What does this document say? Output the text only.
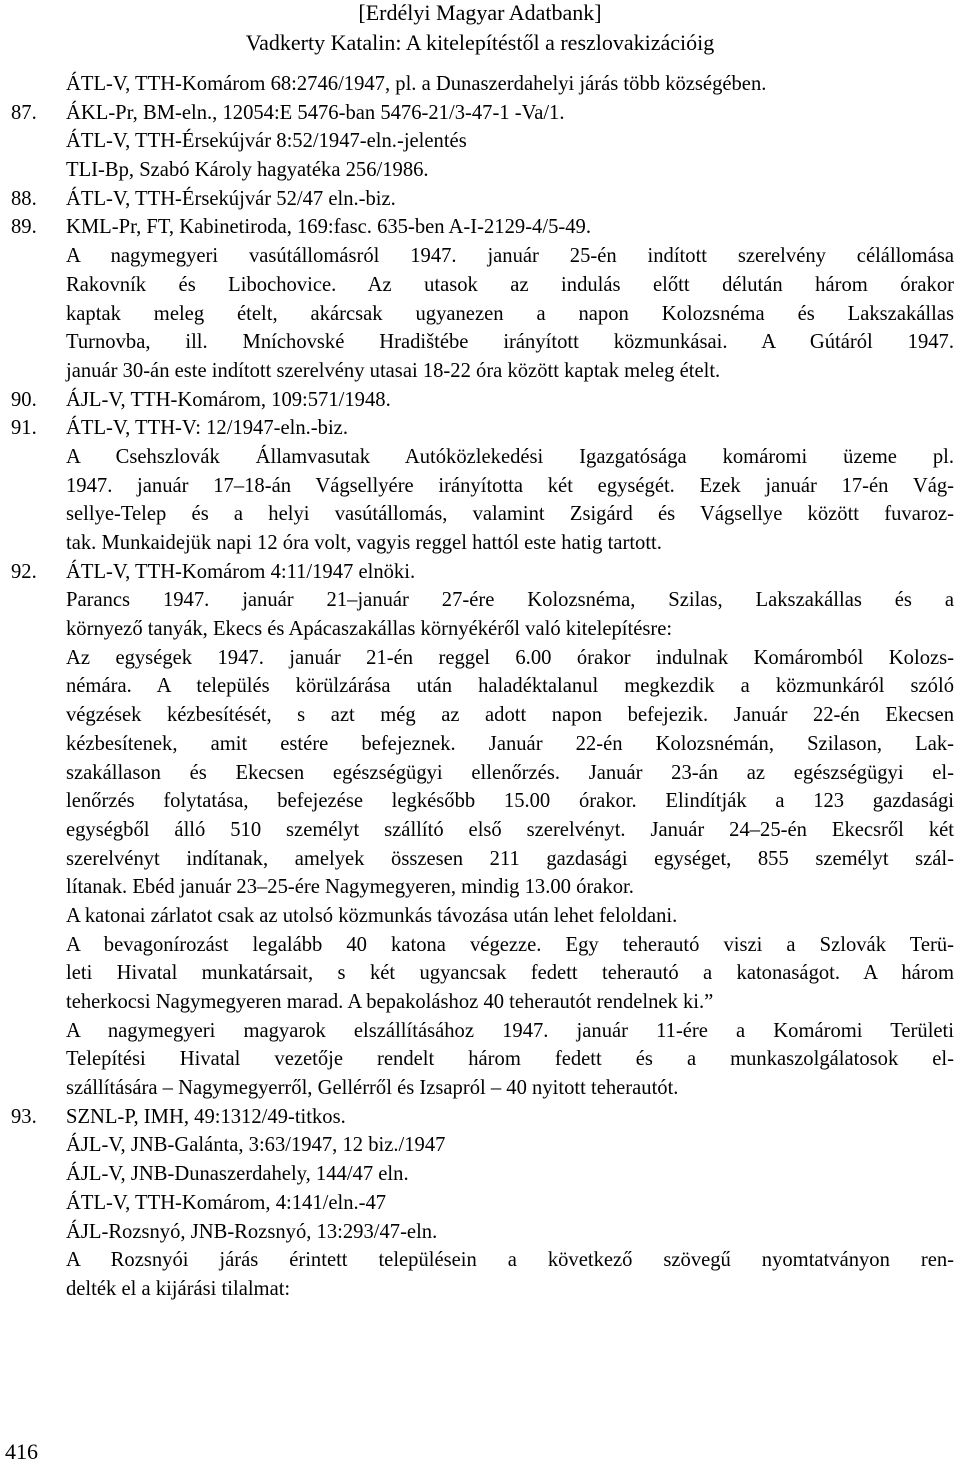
[Erdélyi Magyar Adatbank]
Vadkerty Katalin: A kitelepítéstől a reszlovakizációig
ÁTL-V, TTH-Komárom 68:2746/1947, pl. a Dunaszerdahelyi járás több községében.
87. ÁKL-Pr, BM-eln., 12054:E 5476-ban 5476-21/3-47-1 -Va/1.
ÁTL-V, TTH-Érsekújvár 8:52/1947-eln.-jelentés
TLI-Bp, Szabó Károly hagyatéka 256/1986.
88. ÁTL-V, TTH-Érsekújvár 52/47 eln.-biz.
89. KML-Pr, FT, Kabinetiroda, 169:fasc. 635-ben A-I-2129-4/5-49.
A nagymegyeri vasútállomásról 1947. január 25-én indított szerelvény célállomása
Rakovník és Libochovice. Az utasok az indulás előtt délután három órakor
kaptak meleg ételt, akárcsak ugyanezen a napon Kolozsnéma és Lakszakállas
Turnovba, ill. Mníchovské Hradištébe irányított közmunkásai. A Gútáról 1947.
január 30-án este indított szerelvény utasai 18-22 óra között kaptak meleg ételt.
90. ÁJL-V, TTH-Komárom, 109:571/1948.
91. ÁTL-V, TTH-V: 12/1947-eln.-biz.
A Csehszlovák Államvasutak Autóközlekedési Igazgatósága komáromi üzeme pl.
1947. január 17–18-án Vágsellyére irányította két egységét. Ezek január 17-én Vág-
sellye-Telep és a helyi vasútállomás, valamint Zsigárd és Vágsellye között fuvaroz-
tak. Munkaidejük napi 12 óra volt, vagyis reggel hattól este hatig tartott.
92. ÁTL-V, TTH-Komárom 4:11/1947 elnöki.
Parancs 1947. január 21–január 27-ére Kolozsnéma, Szilas, Lakszakállas és a
környező tanyák, Ekecs és Apácaszakállas környékéről való kitelepítésre:
Az egységek 1947. január 21-én reggel 6.00 órakor indulnak Komáromból Kolozs-
némára. A település körülzárása után haladéktalanul megkezdik a közmunkáról szóló
végzések kézbesítését, s azt még az adott napon befejezik. Január 22-én Ekecsen
kézbesítenek, amit estére befejeznek. Január 22-én Kolozsnémán, Szilason, Lak-
szakállason és Ekecsen egészségügyi ellenőrzés. Január 23-án az egészségügyi el-
lenőrzés folytatása, befejezése legkésőbb 15.00 órakor. Elindítják a 123 gazdasági
egységből álló 510 személyt szállító első szerelvényt. Január 24–25-én Ekecsről két
szerelvényt indítanak, amelyek összesen 211 gazdasági egységet, 855 személyt szál-
lítanak. Ebéd január 23–25-ére Nagymegyeren, mindig 13.00 órakor.
A katonai zárlatot csak az utolsó közmunkás távozása után lehet feloldani.
A bevagonírozást legalább 40 katona végezze. Egy teherautó viszi a Szlovák Terü-
leti Hivatal munkatársait, s két ugyancsak fedett teherautó a katonaságot. A három
teherkocsi Nagymegyeren marad. A bepakoláshoz 40 teherautót rendelnek ki.”
A nagymegyeri magyarok elszállításához 1947. január 11-ére a Komáromi Területi
Telepítési Hivatal vezetője rendelt három fedett és a munkaszolgálatosok el-
szállítására – Nagymegyerről, Gellérről és Izsapról – 40 nyitott teherautót.
93. SZNL-P, IMH, 49:1312/49-titkos.
ÁJL-V, JNB-Galánta, 3:63/1947, 12 biz./1947
ÁJL-V, JNB-Dunaszerdahely, 144/47 eln.
ÁTL-V, TTH-Komárom, 4:141/eln.-47
ÁJL-Rozsnyó, JNB-Rozsnyó, 13:293/47-eln.
A Rozsnyói járás érintett településein a következő szövegű nyomtatványon ren-
delték el a kijárási tilalmat:
416
